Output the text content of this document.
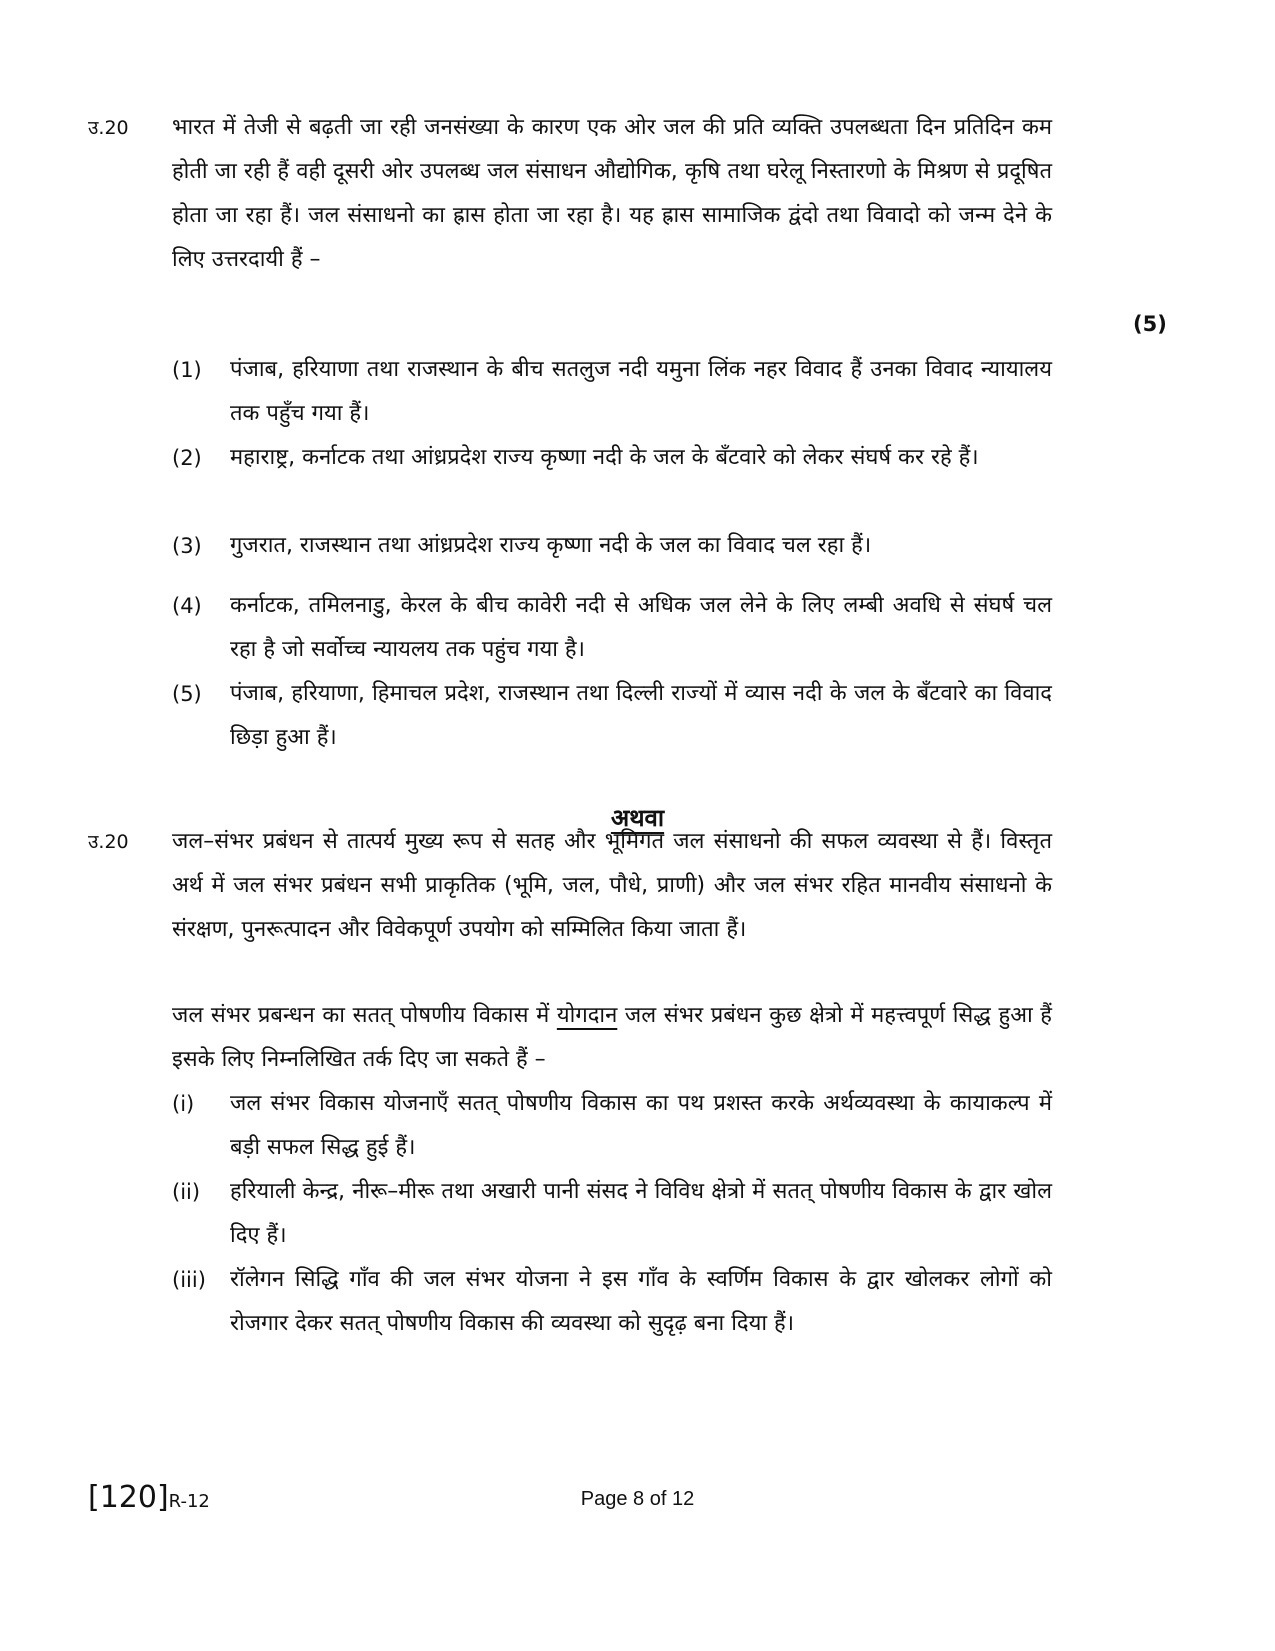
उ.20 भारत में तेजी से बढ़ती जा रही जनसंख्या के कारण एक ओर जल की प्रति व्यक्ति उपलब्धता दिन प्रतिदिन कम होती जा रही हैं वही दूसरी ओर उपलब्ध जल संसाधन औद्योगिक, कृषि तथा घरेलू निस्तारणो के मिश्रण से प्रदूषित होता जा रहा हैं। जल संसाधनो का ह्रास होता जा रहा है। यह ह्रास सामाजिक द्वंदो तथा विवादो को जन्म देने के लिए उत्तरदायी हैं –
(5)
(1) पंजाब, हरियाणा तथा राजस्थान के बीच सतलुज नदी यमुना लिंक नहर विवाद हैं उनका विवाद न्यायालय तक पहुँच गया हैं।
(2) महाराष्ट्र, कर्नाटक तथा आंध्रप्रदेश राज्य कृष्णा नदी के जल के बँटवारे को लेकर संघर्ष कर रहे हैं।
(3) गुजरात, राजस्थान तथा आंध्रप्रदेश राज्य कृष्णा नदी के जल का विवाद चल रहा हैं।
(4) कर्नाटक, तमिलनाडु, केरल के बीच कावेरी नदी से अधिक जल लेने के लिए लम्बी अवधि से संघर्ष चल रहा है जो सर्वोच्च न्यायलय तक पहुंच गया है।
(5) पंजाब, हरियाणा, हिमाचल प्रदेश, राजस्थान तथा दिल्ली राज्यों में व्यास नदी के जल के बँटवारे का विवाद छिड़ा हुआ हैं।
अथवा
उ.20 जल–संभर प्रबंधन से तात्पर्य मुख्य रूप से सतह और भूमिगत जल संसाधनो की सफल व्यवस्था से हैं। विस्तृत अर्थ में जल संभर प्रबंधन सभी प्राकृतिक (भूमि, जल, पौधे, प्राणी) और जल संभर रहित मानवीय संसाधनो के संरक्षण, पुनरूत्पादन और विवेकपूर्ण उपयोग को सम्मिलित किया जाता हैं।
जल संभर प्रबन्धन का सतत् पोषणीय विकास में योगदान जल संभर प्रबंधन कुछ क्षेत्रो में महत्त्वपूर्ण सिद्ध हुआ हैं इसके लिए निम्नलिखित तर्क दिए जा सकते हैं –
(i) जल संभर विकास योजनाएँ सतत् पोषणीय विकास का पथ प्रशस्त करके अर्थव्यवस्था के कायाकल्प में बड़ी सफल सिद्ध हुई हैं।
(ii) हरियाली केन्द्र, नीरू–मीरू तथा अखारी पानी संसद ने विविध क्षेत्रो में सतत् पोषणीय विकास के द्वार खोल दिए हैं।
(iii) रॉलेगन सिद्धि गाँव की जल संभर योजना ने इस गाँव के स्वर्णिम विकास के द्वार खोलकर लोगों को रोजगार देकर सतत् पोषणीय विकास की व्यवस्था को सुदृढ़ बना दिया हैं।
[120]R-12	Page 8 of 12
